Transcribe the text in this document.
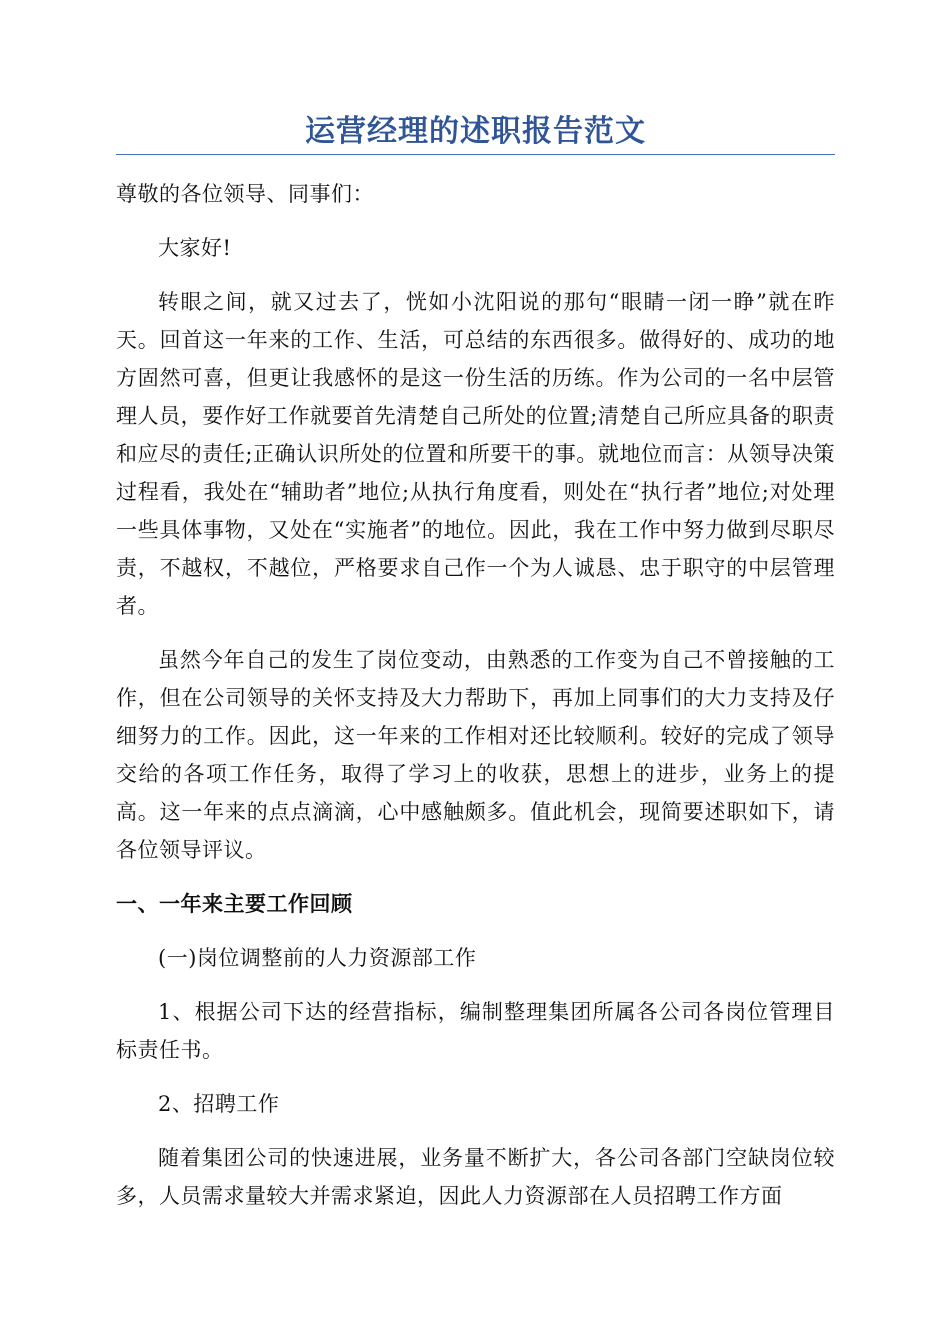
运营经理的述职报告范文

尊敬的各位领导、同事们：

大家好!

转眼之间，就又过去了，恍如小沈阳说的那句“眼睛一闭一睁”就在昨天。回首这一年来的工作、生活，可总结的东西很多。做得好的、成功的地方固然可喜，但更让我感怀的是这一份生活的历练。作为公司的一名中层管理人员，要作好工作就要首先清楚自己所处的位置;清楚自己所应具备的职责和应尽的责任;正确认识所处的位置和所要干的事。就地位而言：从领导决策过程看，我处在“辅助者”地位;从执行角度看，则处在“执行者”地位;对处理一些具体事物，又处在“实施者”的地位。因此，我在工作中努力做到尽职尽责，不越权，不越位，严格要求自己作一个为人诚恳、忠于职守的中层管理者。

虽然今年自己的发生了岗位变动，由熟悉的工作变为自己不曾接触的工作，但在公司领导的关怀支持及大力帮助下，再加上同事们的大力支持及仔细努力的工作。因此，这一年来的工作相对还比较顺利。较好的完成了领导交给的各项工作任务，取得了学习上的收获，思想上的进步，业务上的提高。这一年来的点点滴滴，心中感触颇多。值此机会，现简要述职如下，请各位领导评议。

一、一年来主要工作回顾

(一)岗位调整前的人力资源部工作

1、根据公司下达的经营指标，编制整理集团所属各公司各岗位管理目标责任书。

2、招聘工作

随着集团公司的快速进展，业务量不断扩大，各公司各部门空缺岗位较多，人员需求量较大并需求紧迫，因此人力资源部在人员招聘工作方面
